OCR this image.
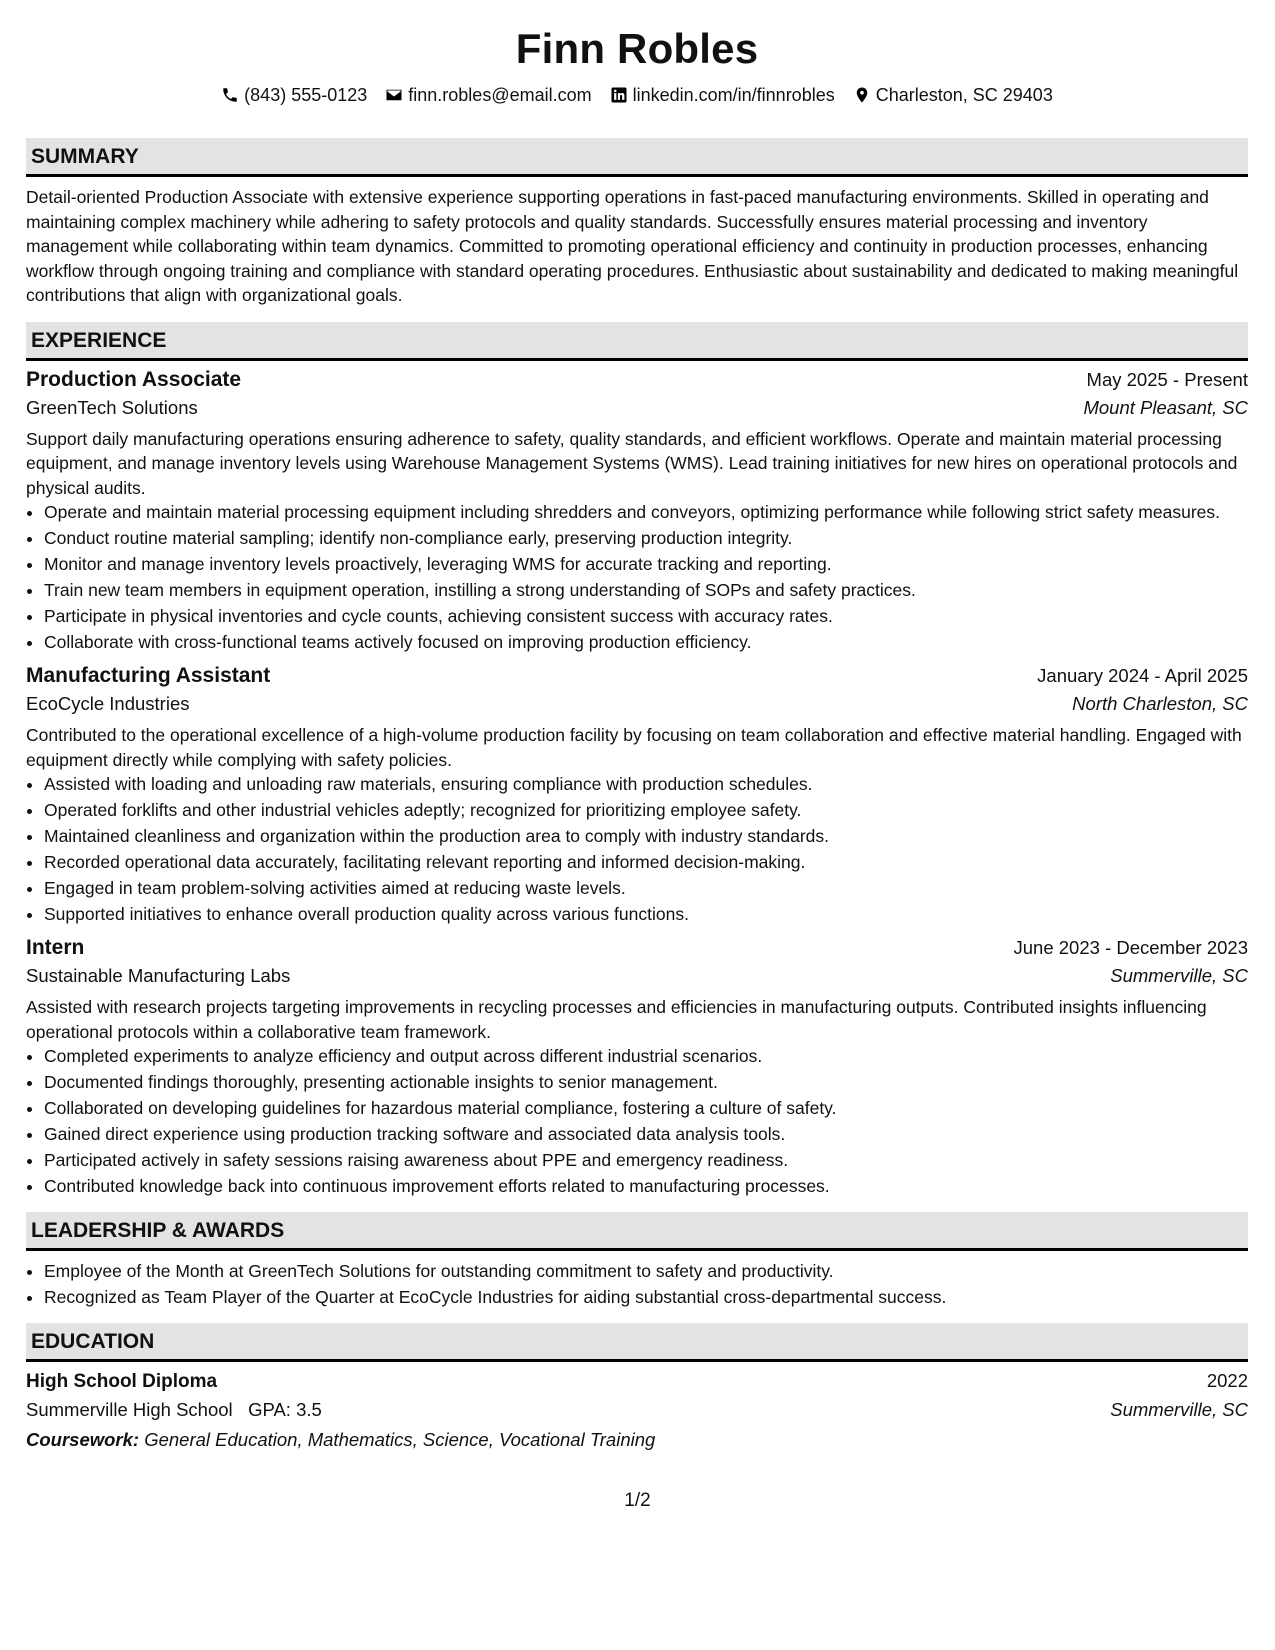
Finn Robles
(843) 555-0123 finn.robles@email.com linkedin.com/in/finnrobles Charleston, SC 29403
SUMMARY
Detail-oriented Production Associate with extensive experience supporting operations in fast-paced manufacturing environments. Skilled in operating and maintaining complex machinery while adhering to safety protocols and quality standards. Successfully ensures material processing and inventory management while collaborating within team dynamics. Committed to promoting operational efficiency and continuity in production processes, enhancing workflow through ongoing training and compliance with standard operating procedures. Enthusiastic about sustainability and dedicated to making meaningful contributions that align with organizational goals.
EXPERIENCE
Production Associate	May 2025 - Present
GreenTech Solutions	Mount Pleasant, SC
Support daily manufacturing operations ensuring adherence to safety, quality standards, and efficient workflows. Operate and maintain material processing equipment, and manage inventory levels using Warehouse Management Systems (WMS). Lead training initiatives for new hires on operational protocols and physical audits.
• Operate and maintain material processing equipment including shredders and conveyors, optimizing performance while following strict safety measures.
• Conduct routine material sampling; identify non-compliance early, preserving production integrity.
• Monitor and manage inventory levels proactively, leveraging WMS for accurate tracking and reporting.
• Train new team members in equipment operation, instilling a strong understanding of SOPs and safety practices.
• Participate in physical inventories and cycle counts, achieving consistent success with accuracy rates.
• Collaborate with cross-functional teams actively focused on improving production efficiency.
Manufacturing Assistant	January 2024 - April 2025
EcoCycle Industries	North Charleston, SC
Contributed to the operational excellence of a high-volume production facility by focusing on team collaboration and effective material handling. Engaged with equipment directly while complying with safety policies.
• Assisted with loading and unloading raw materials, ensuring compliance with production schedules.
• Operated forklifts and other industrial vehicles adeptly; recognized for prioritizing employee safety.
• Maintained cleanliness and organization within the production area to comply with industry standards.
• Recorded operational data accurately, facilitating relevant reporting and informed decision-making.
• Engaged in team problem-solving activities aimed at reducing waste levels.
• Supported initiatives to enhance overall production quality across various functions.
Intern	June 2023 - December 2023
Sustainable Manufacturing Labs	Summerville, SC
Assisted with research projects targeting improvements in recycling processes and efficiencies in manufacturing outputs. Contributed insights influencing operational protocols within a collaborative team framework.
• Completed experiments to analyze efficiency and output across different industrial scenarios.
• Documented findings thoroughly, presenting actionable insights to senior management.
• Collaborated on developing guidelines for hazardous material compliance, fostering a culture of safety.
• Gained direct experience using production tracking software and associated data analysis tools.
• Participated actively in safety sessions raising awareness about PPE and emergency readiness.
• Contributed knowledge back into continuous improvement efforts related to manufacturing processes.
LEADERSHIP & AWARDS
• Employee of the Month at GreenTech Solutions for outstanding commitment to safety and productivity.
• Recognized as Team Player of the Quarter at EcoCycle Industries for aiding substantial cross-departmental success.
EDUCATION
High School Diploma	2022
Summerville High School GPA: 3.5	Summerville, SC
Coursework: General Education, Mathematics, Science, Vocational Training
1/2
